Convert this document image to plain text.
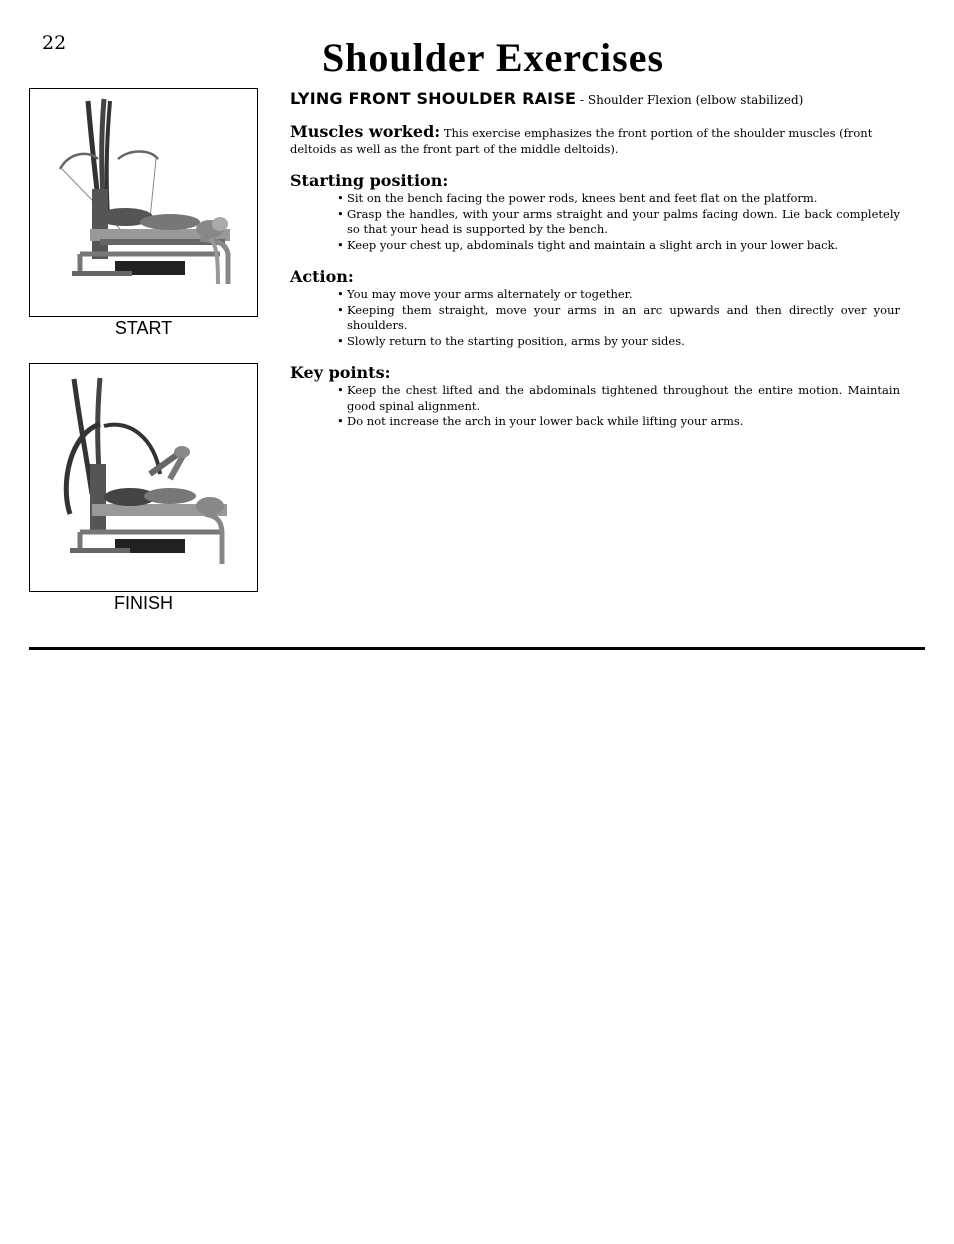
22	Shoulder Exercises
START
FINISH

LYING FRONT SHOULDER RAISE - Shoulder Flexion (elbow stabilized)

Muscles worked: This exercise emphasizes the front portion of the shoulder muscles (front deltoids as well as the front part of the middle deltoids).

Starting position:

• Sit on the bench facing the power rods, knees bent and feet flat on the platform.
• Grasp the handles, with your arms straight and your palms facing down. Lie back completely so that your head is supported by the bench.
• Keep your chest up, abdominals tight and maintain a slight arch in your lower back.

Action:

• You may move your arms alternately or together.
• Keeping them straight, move your arms in an arc upwards and then directly over your shoulders.
• Slowly return to the starting position, arms by your sides.

Key points:

• Keep the chest lifted and the abdominals tightened throughout the entire motion. Maintain good spinal alignment.
• Do not increase the arch in your lower back while lifting your arms.
